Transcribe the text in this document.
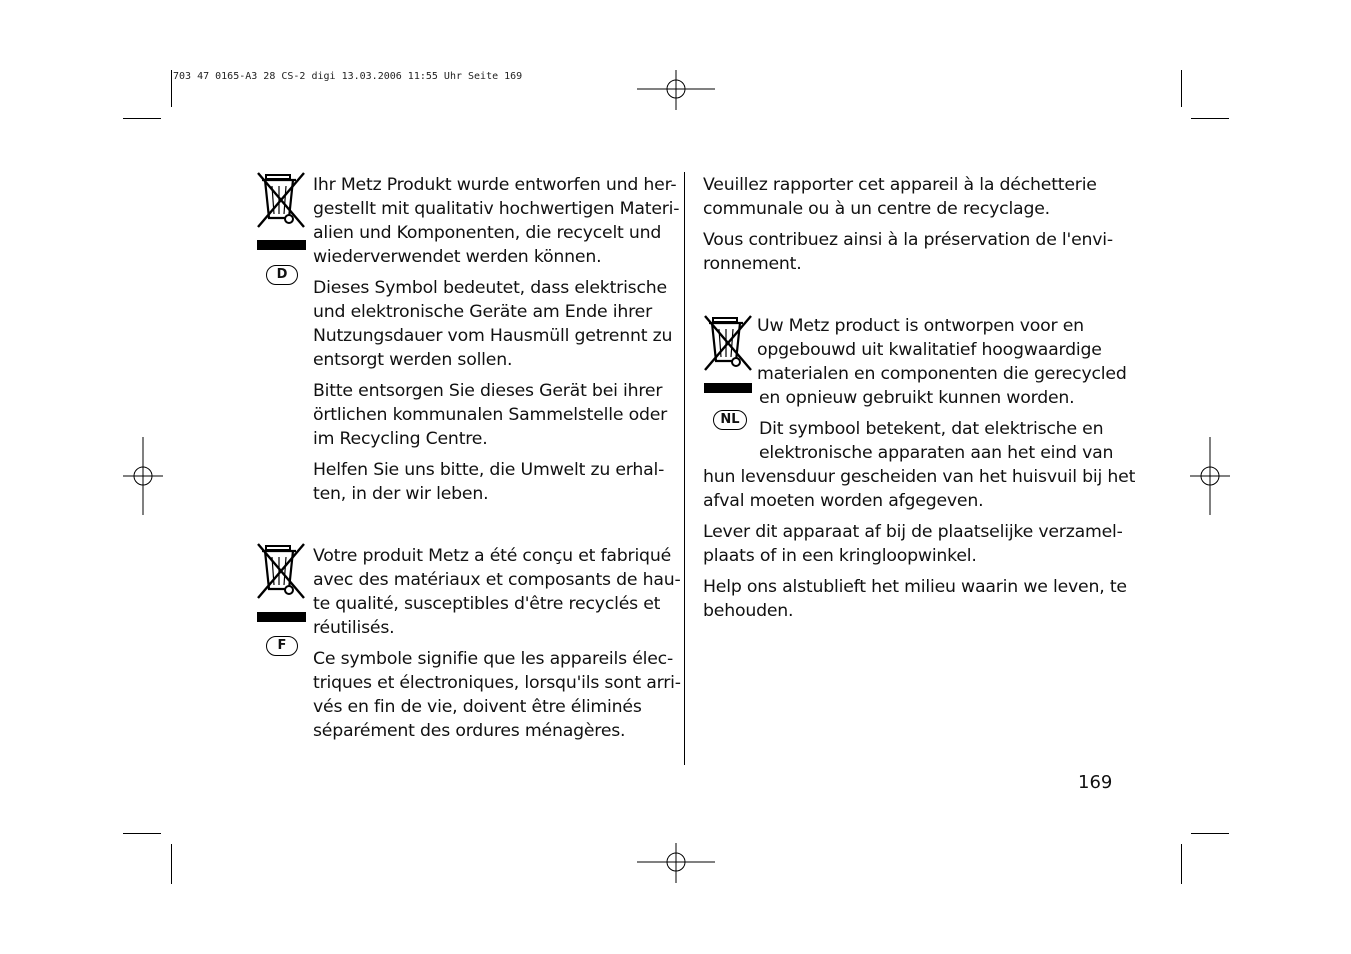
703 47 0165-A3 28 CS-2 digi 13.03.2006 11:55 Uhr Seite 169
D
Ihr Metz Produkt wurde entworfen und her-
gestellt mit qualitativ hochwertigen Materi-
alien und Komponenten, die recycelt und
wiederverwendet werden können.
Dieses Symbol bedeutet, dass elektrische
und elektronische Geräte am Ende ihrer
Nutzungsdauer vom Hausmüll getrennt zu
entsorgt werden sollen.
Bitte entsorgen Sie dieses Gerät bei ihrer
örtlichen kommunalen Sammelstelle oder
im Recycling Centre.
Helfen Sie uns bitte, die Umwelt zu erhal-
ten, in der wir leben.
F
Votre produit Metz a été conçu et fabriqué
avec des matériaux et composants de hau-
te qualité, susceptibles d'être recyclés et
réutilisés.
Ce symbole signifie que les appareils élec-
triques et électroniques, lorsqu'ils sont arri-
vés en fin de vie, doivent être éliminés
séparément des ordures ménagères.
Veuillez rapporter cet appareil à la déchetterie
communale ou à un centre de recyclage.
Vous contribuez ainsi à la préservation de l'envi-
ronnement.
NL
Uw Metz product is ontworpen voor en
opgebouwd uit kwalitatief hoogwaardige
materialen en componenten die gerecycled
en opnieuw gebruikt kunnen worden.
Dit symbool betekent, dat elektrische en
elektronische apparaten aan het eind van
hun levensduur gescheiden van het huisvuil bij het
afval moeten worden afgegeven.
Lever dit apparaat af bij de plaatselijke verzamel-
plaats of in een kringloopwinkel.
Help ons alstublieft het milieu waarin we leven, te
behouden.
169
